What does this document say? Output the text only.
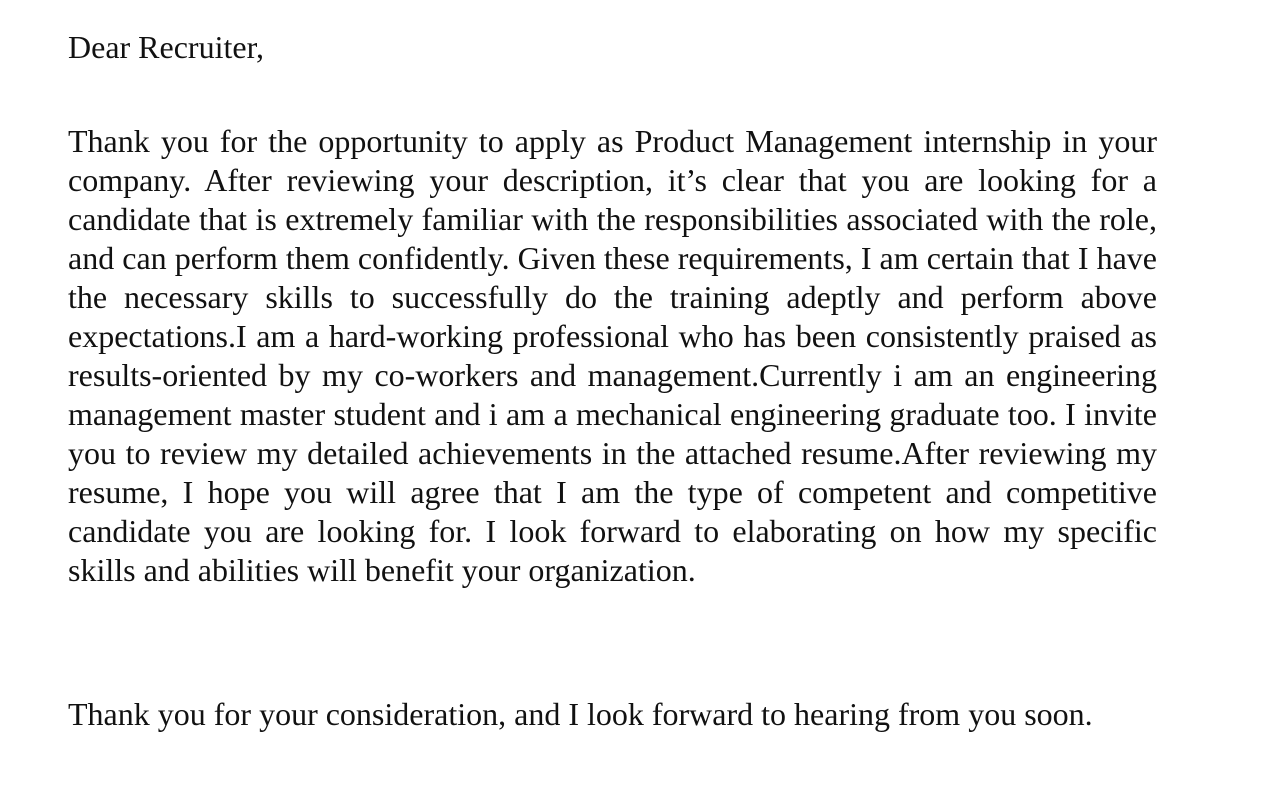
Dear Recruiter,

Thank you for the opportunity to apply as Product Management internship in your company. After reviewing your description, it’s clear that you are looking for a candidate that is extremely familiar with the responsibilities associated with the role, and can perform them confidently. Given these requirements, I am certain that I have the necessary skills to successfully do the training adeptly and perform above expectations.I am a hard-working professional who has been consistently praised as results-oriented by my co-workers and management.Currently i am an engineering management master student and i am a mechanical engineering graduate too. I invite you to review my detailed achievements in the attached resume.After reviewing my resume, I hope you will agree that I am the type of competent and competitive candidate you are looking for. I look forward to elaborating on how my specific skills and abilities will benefit your organization.

Thank you for your consideration, and I look forward to hearing from you soon.
